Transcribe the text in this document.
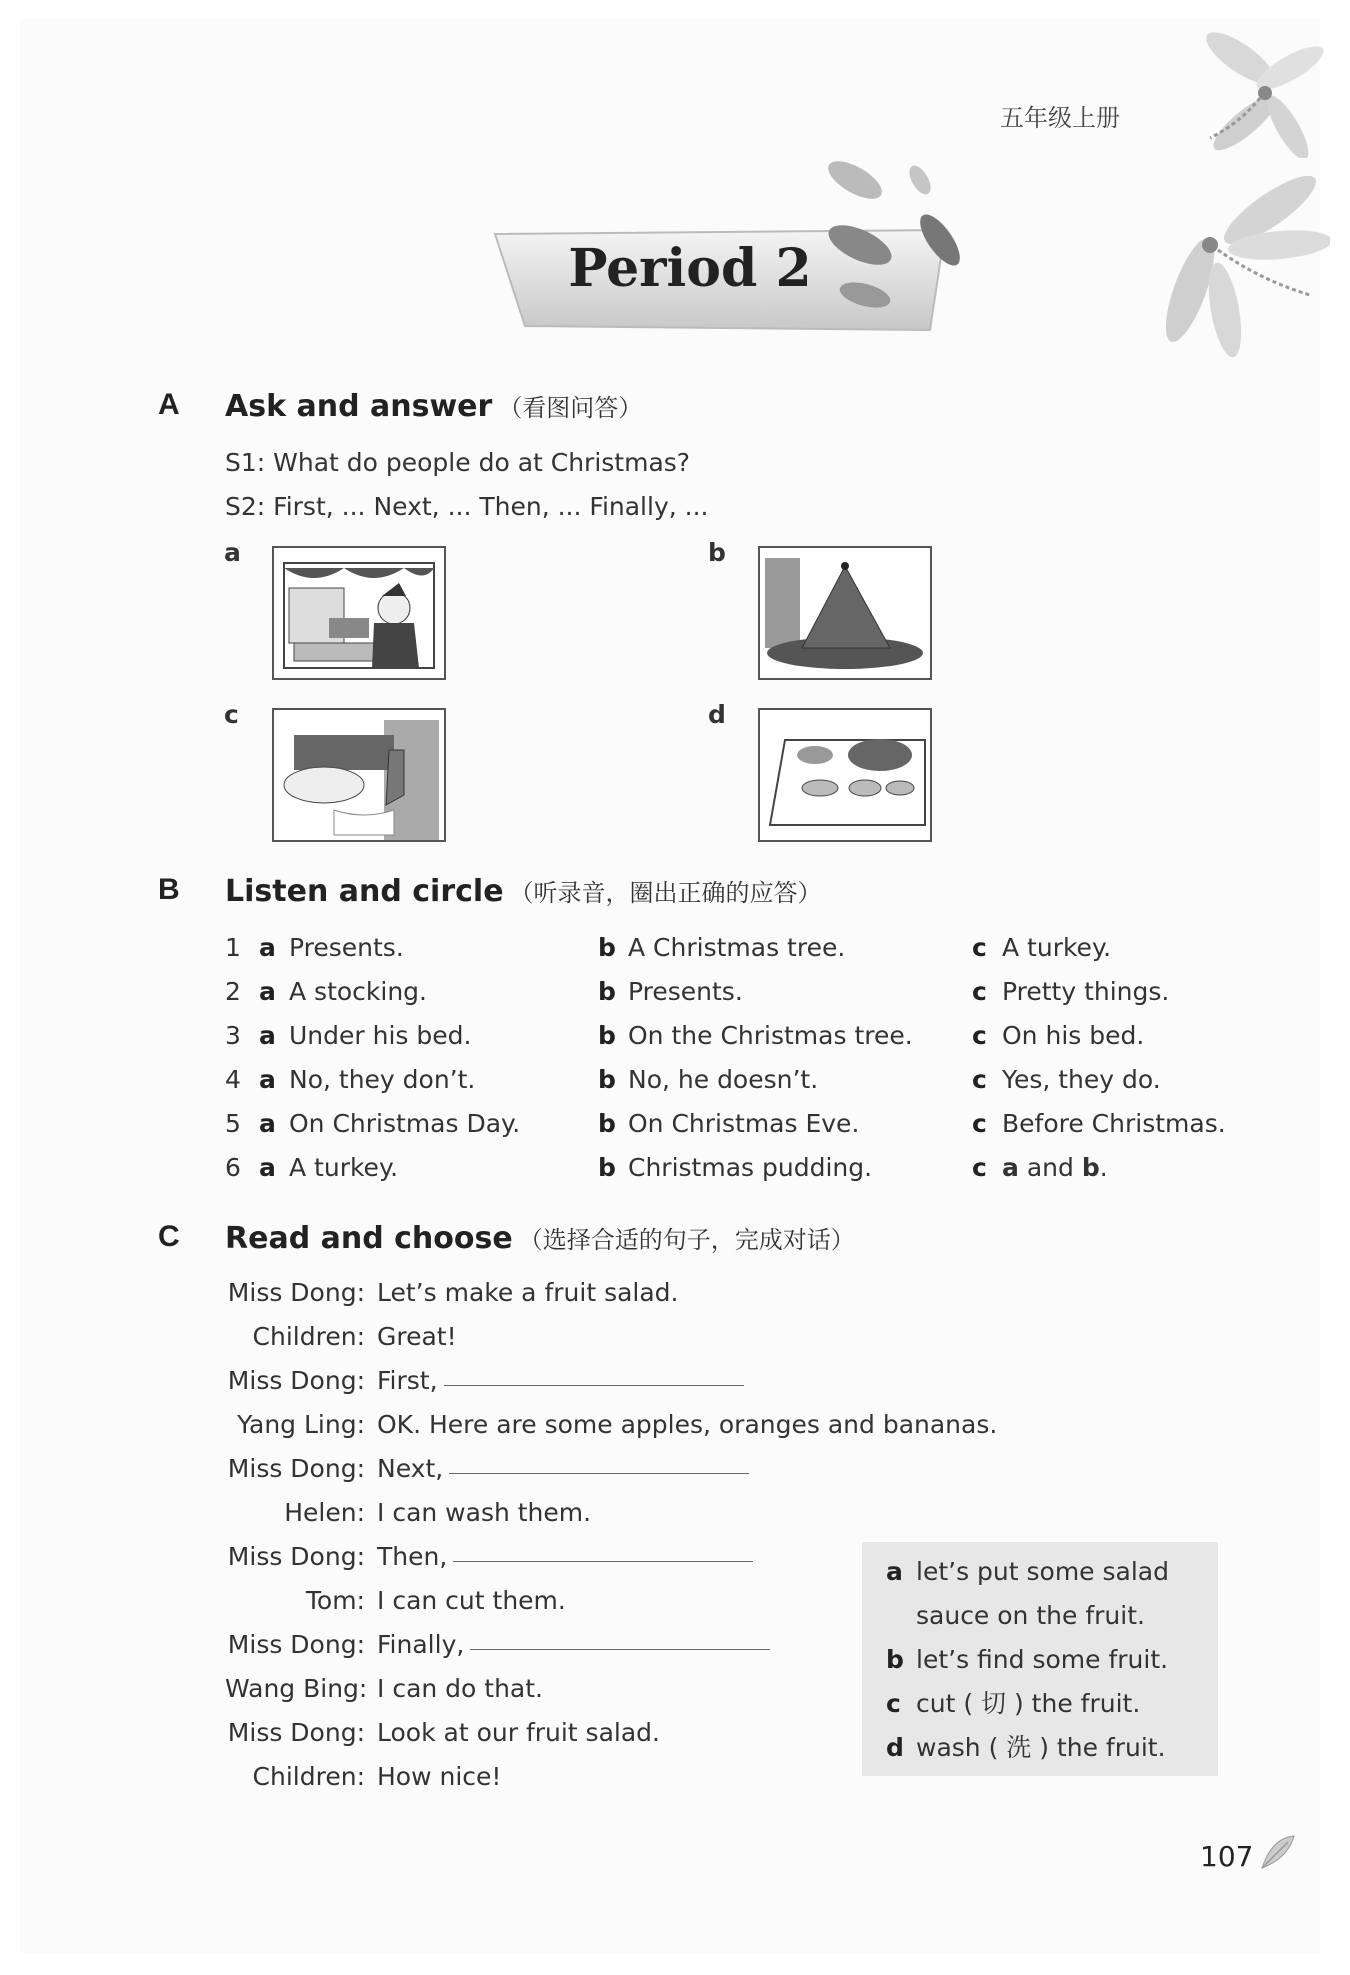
五年级上册
Period 2
A Ask and answer （看图问答）
S1: What do people do at Christmas?
S2: First, ... Next, ... Then, ... Finally, ...
a	b
c	d
B Listen and circle （听录音，圈出正确的应答）
1 a Presents.	b A Christmas tree.	c A turkey.
2 a A stocking.	b Presents.	c Pretty things.
3 a Under his bed.	b On the Christmas tree. c On his bed.
4 a No, they don’t.	b No, he doesn’t.	c Yes, they do.
5 a On Christmas Day.	b On Christmas Eve.	c Before Christmas.
6 a A turkey.	b Christmas pudding.	c a and b.
C Read and choose （选择合适的句子，完成对话）
Miss Dong: Let’s make a fruit salad.
Children: Great!
Miss Dong: First,
Yang Ling: OK. Here are some apples, oranges and bananas.
Miss Dong: Next,
Helen: I can wash them.
Miss Dong: Then,
Tom: I can cut them.
Miss Dong: Finally,
Wang Bing: I can do that.
Miss Dong: Look at our fruit salad.
Children: How nice!
a let’s put some salad
sauce on the fruit.
b let’s find some fruit.
c cut ( 切 ) the fruit.
d wash ( 洗 ) the fruit.
107
